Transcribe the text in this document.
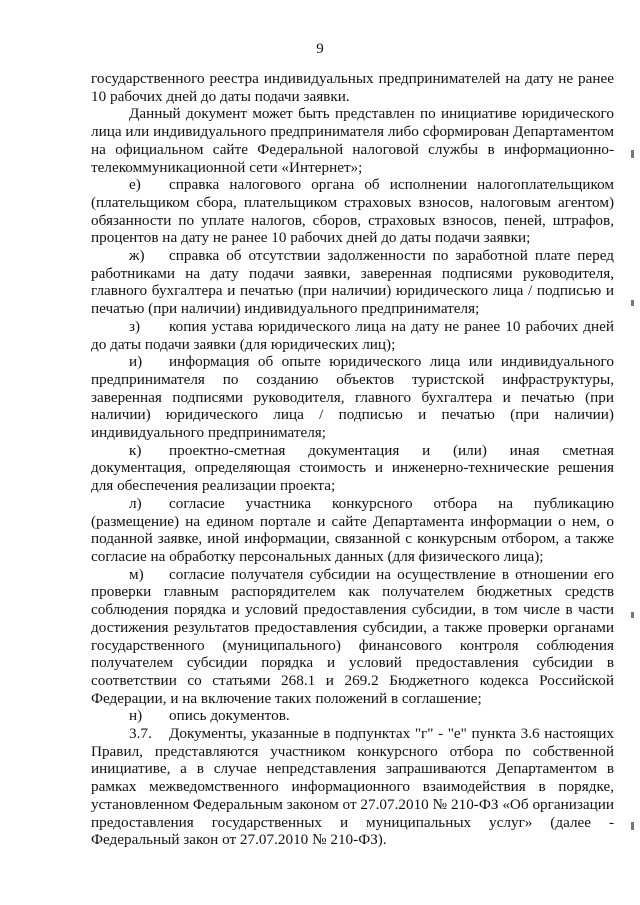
9

государственного реестра индивидуальных предпринимателей на дату не ранее 10 рабочих дней до даты подачи заявки.

Данный документ может быть представлен по инициативе юридического лица или индивидуального предпринимателя либо сформирован Департаментом на официальном сайте Федеральной налоговой службы в информационно-телекоммуникационной сети «Интернет»;

е) справка налогового органа об исполнении налогоплательщиком (плательщиком сбора, плательщиком страховых взносов, налоговым агентом) обязанности по уплате налогов, сборов, страховых взносов, пеней, штрафов, процентов на дату не ранее 10 рабочих дней до даты подачи заявки;

ж) справка об отсутствии задолженности по заработной плате перед работниками на дату подачи заявки, заверенная подписями руководителя, главного бухгалтера и печатью (при наличии) юридического лица / подписью и печатью (при наличии) индивидуального предпринимателя;

з) копия устава юридического лица на дату не ранее 10 рабочих дней до даты подачи заявки (для юридических лиц);

и) информация об опыте юридического лица или индивидуального предпринимателя по созданию объектов туристской инфраструктуры, заверенная подписями руководителя, главного бухгалтера и печатью (при наличии) юридического лица / подписью и печатью (при наличии) индивидуального предпринимателя;

к) проектно-сметная документация и (или) иная сметная документация, определяющая стоимость и инженерно-технические решения для обеспечения реализации проекта;

л) согласие участника конкурсного отбора на публикацию (размещение) на едином портале и сайте Департамента информации о нем, о поданной заявке, иной информации, связанной с конкурсным отбором, а также согласие на обработку персональных данных (для физического лица);

м) согласие получателя субсидии на осуществление в отношении его проверки главным распорядителем как получателем бюджетных средств соблюдения порядка и условий предоставления субсидии, в том числе в части достижения результатов предоставления субсидии, а также проверки органами государственного (муниципального) финансового контроля соблюдения получателем субсидии порядка и условий предоставления субсидии в соответствии со статьями 268.1 и 269.2 Бюджетного кодекса Российской Федерации, и на включение таких положений в соглашение;

н) опись документов.

3.7. Документы, указанные в подпунктах "г" - "е" пункта 3.6 настоящих Правил, представляются участником конкурсного отбора по собственной инициативе, а в случае непредставления запрашиваются Департаментом в рамках межведомственного информационного взаимодействия в порядке, установленном Федеральным законом от 27.07.2010 № 210-ФЗ «Об организации предоставления государственных и муниципальных услуг» (далее - Федеральный закон от 27.07.2010 № 210-ФЗ).
